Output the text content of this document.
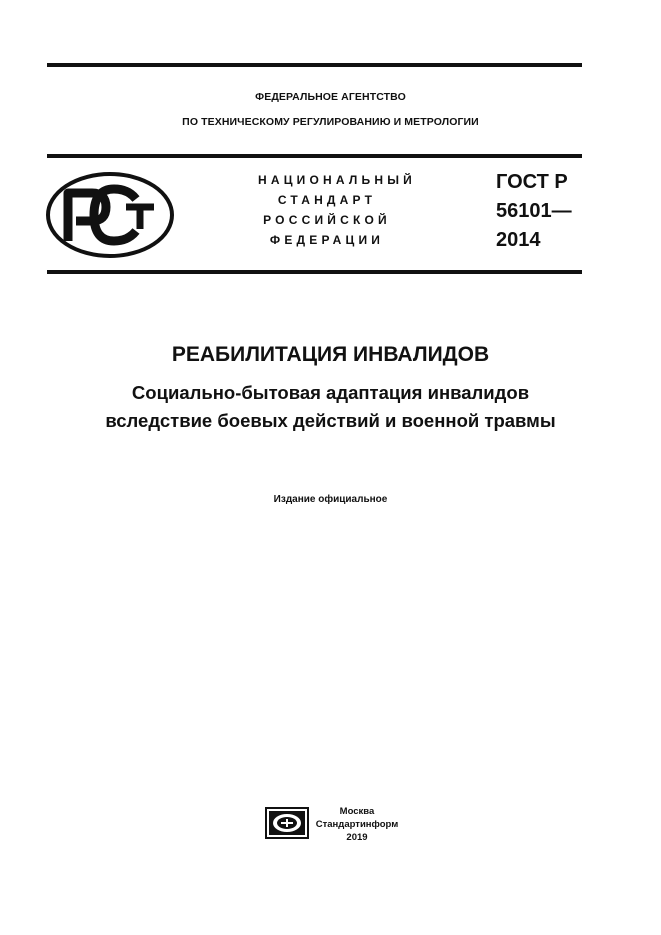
ФЕДЕРАЛЬНОЕ АГЕНТСТВО
ПО ТЕХНИЧЕСКОМУ РЕГУЛИРОВАНИЮ И МЕТРОЛОГИИ
НАЦИОНАЛЬНЫЙ
СТАНДАРТ
РОССИЙСКОЙ
ФЕДЕРАЦИИ
ГОСТ Р
56101—
2014
РЕАБИЛИТАЦИЯ ИНВАЛИДОВ
Социально-бытовая адаптация инвалидов
вследствие боевых действий и военной травмы
Издание официальное
Москва
Стандартинформ
2019
